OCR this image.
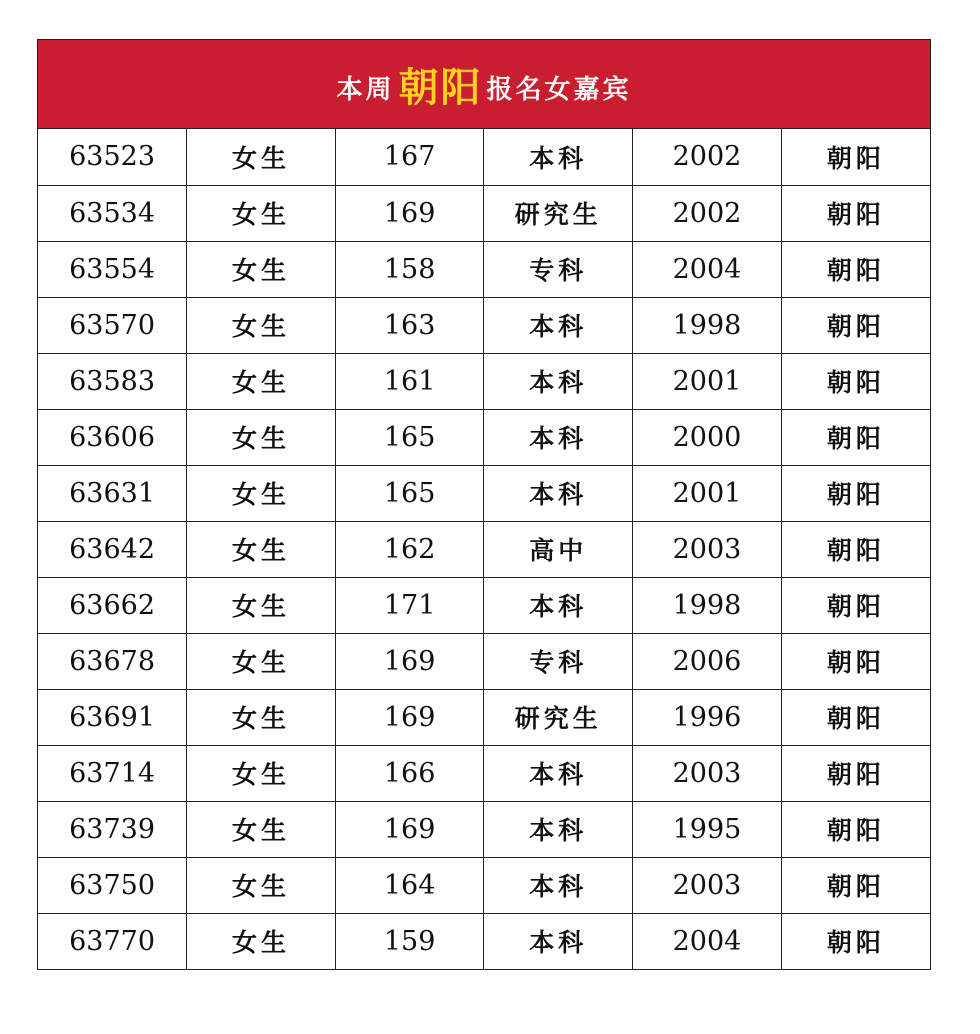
本周 朝阳 报名女嘉宾
63523	女生	167	本科	2002	朝阳
63534	女生	169	研究生	2002	朝阳
63554	女生	158	专科	2004	朝阳
63570	女生	163	本科	1998	朝阳
63583	女生	161	本科	2001	朝阳
63606	女生	165	本科	2000	朝阳
63631	女生	165	本科	2001	朝阳
63642	女生	162	高中	2003	朝阳
63662	女生	171	本科	1998	朝阳
63678	女生	169	专科	2006	朝阳
63691	女生	169	研究生	1996	朝阳
63714	女生	166	本科	2003	朝阳
63739	女生	169	本科	1995	朝阳
63750	女生	164	本科	2003	朝阳
63770	女生	159	本科	2004	朝阳
